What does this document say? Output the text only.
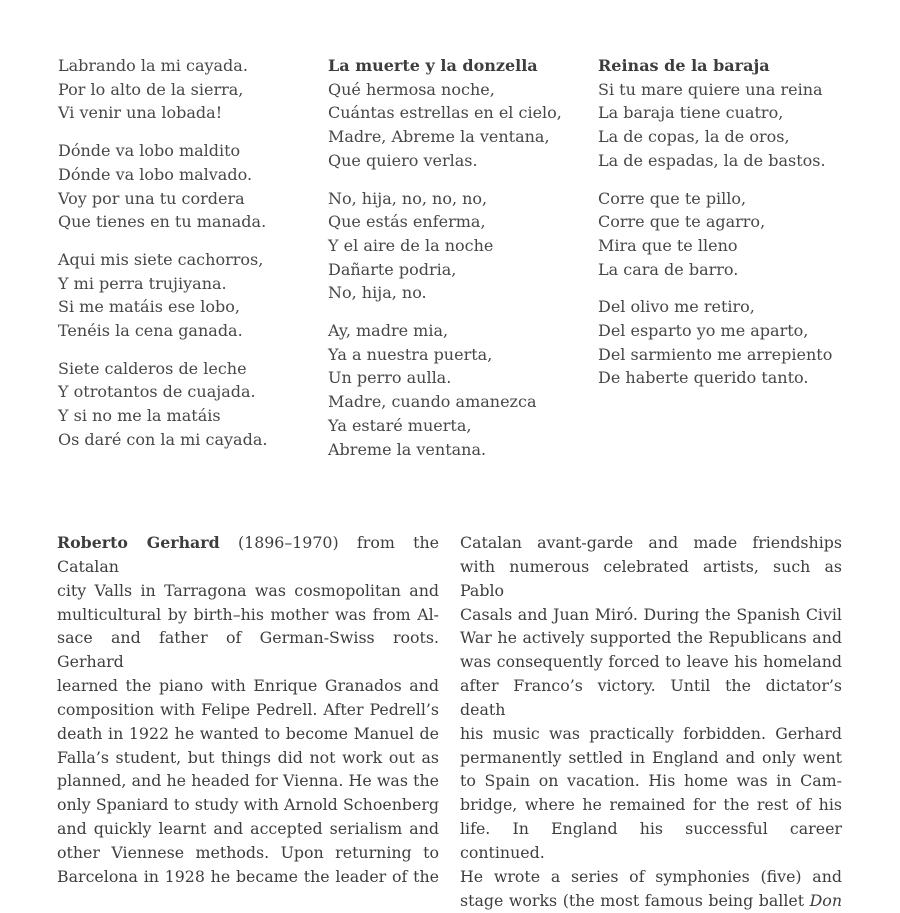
Labrando la mi cayada.
Por lo alto de la sierra,
Vi venir una lobada!
Dónde va lobo maldito
Dónde va lobo malvado.
Voy por una tu cordera
Que tienes en tu manada.
Aqui mis siete cachorros,
Y mi perra trujiyana.
Si me matáis ese lobo,
Tenéis la cena ganada.
Siete calderos de leche
Y otrotantos de cuajada.
Y si no me la matáis
Os daré con la mi cayada.
La muerte y la donzella
Qué hermosa noche,
Cuántas estrellas en el cielo,
Madre, Abreme la ventana,
Que quiero verlas.
No, hija, no, no, no,
Que estás enferma,
Y el aire de la noche
Dañarte podria,
No, hija, no.
Ay, madre mia,
Ya a nuestra puerta,
Un perro aulla.
Madre, cuando amanezca
Ya estaré muerta,
Abreme la ventana.
Reinas de la baraja
Si tu mare quiere una reina
La baraja tiene cuatro,
La de copas, la de oros,
La de espadas, la de bastos.
Corre que te pillo,
Corre que te agarro,
Mira que te lleno
La cara de barro.
Del olivo me retiro,
Del esparto yo me aparto,
Del sarmiento me arrepiento
De haberte querido tanto.
Roberto Gerhard (1896–1970) from the Catalan
city Valls in Tarragona was cosmopolitan and
multicultural by birth–his mother was from Al-
sace and father of German-Swiss roots. Gerhard
learned the piano with Enrique Granados and
composition with Felipe Pedrell. After Pedrell’s
death in 1922 he wanted to become Manuel de
Falla’s student, but things did not work out as
planned, and he headed for Vienna. He was the
only Spaniard to study with Arnold Schoenberg
and quickly learnt and accepted serialism and
other Viennese methods. Upon returning to
Barcelona in 1928 he became the leader of the
Catalan avant-garde and made friendships
with numerous celebrated artists, such as Pablo
Casals and Juan Miró. During the Spanish Civil
War he actively supported the Republicans and
was consequently forced to leave his homeland
after Franco’s victory. Until the dictator’s death
his music was practically forbidden. Gerhard
permanently settled in England and only went
to Spain on vacation. His home was in Cam-
bridge, where he remained for the rest of his
life. In England his successful career continued.
He wrote a series of symphonies (five) and
stage works (the most famous being ballet Don
